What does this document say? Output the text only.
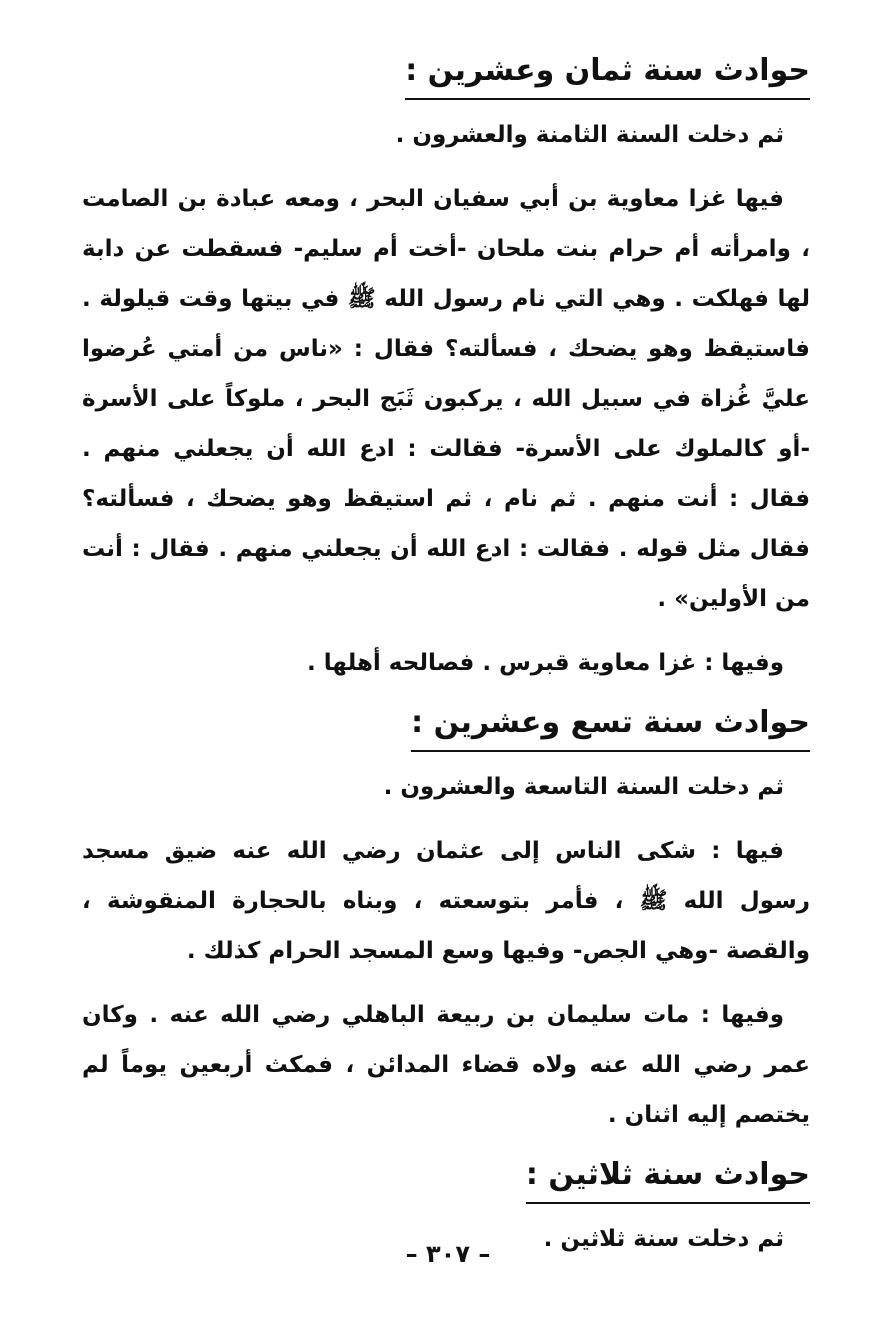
حوادث سنة ثمان وعشرين :

ثم دخلت السنة الثامنة والعشرون .

فيها غزا معاوية بن أبي سفيان البحر ، ومعه عبادة بن الصامت ، وامرأته أم حرام بنت ملحان -أخت أم سليم- فسقطت عن دابة لها فهلكت . وهي التي نام رسول الله ﷺ في بيتها وقت قيلولة . فاستيقظ وهو يضحك ، فسألته؟ فقال : «ناس من أمتي عُرضوا عليَّ غُزاة في سبيل الله ، يركبون ثَبَج البحر ، ملوكاً على الأسرة -أو كالملوك على الأسرة- فقالت : ادع الله أن يجعلني منهم . فقال : أنت منهم . ثم نام ، ثم استيقظ وهو يضحك ، فسألته؟ فقال مثل قوله . فقالت : ادع الله أن يجعلني منهم . فقال : أنت من الأولين» .

وفيها : غزا معاوية قبرس . فصالحه أهلها .

حوادث سنة تسع وعشرين :

ثم دخلت السنة التاسعة والعشرون .

فيها : شكى الناس إلى عثمان رضي الله عنه ضيق مسجد رسول الله ﷺ ، فأمر بتوسعته ، وبناه بالحجارة المنقوشة ، والقصة -وهي الجص- وفيها وسع المسجد الحرام كذلك .

وفيها : مات سليمان بن ربيعة الباهلي رضي الله عنه . وكان عمر رضي الله عنه ولاه قضاء المدائن ، فمكث أربعين يوماً لم يختصم إليه اثنان .

حوادث سنة ثلاثين :

ثم دخلت سنة ثلاثين .

– ٣٠٧ –
